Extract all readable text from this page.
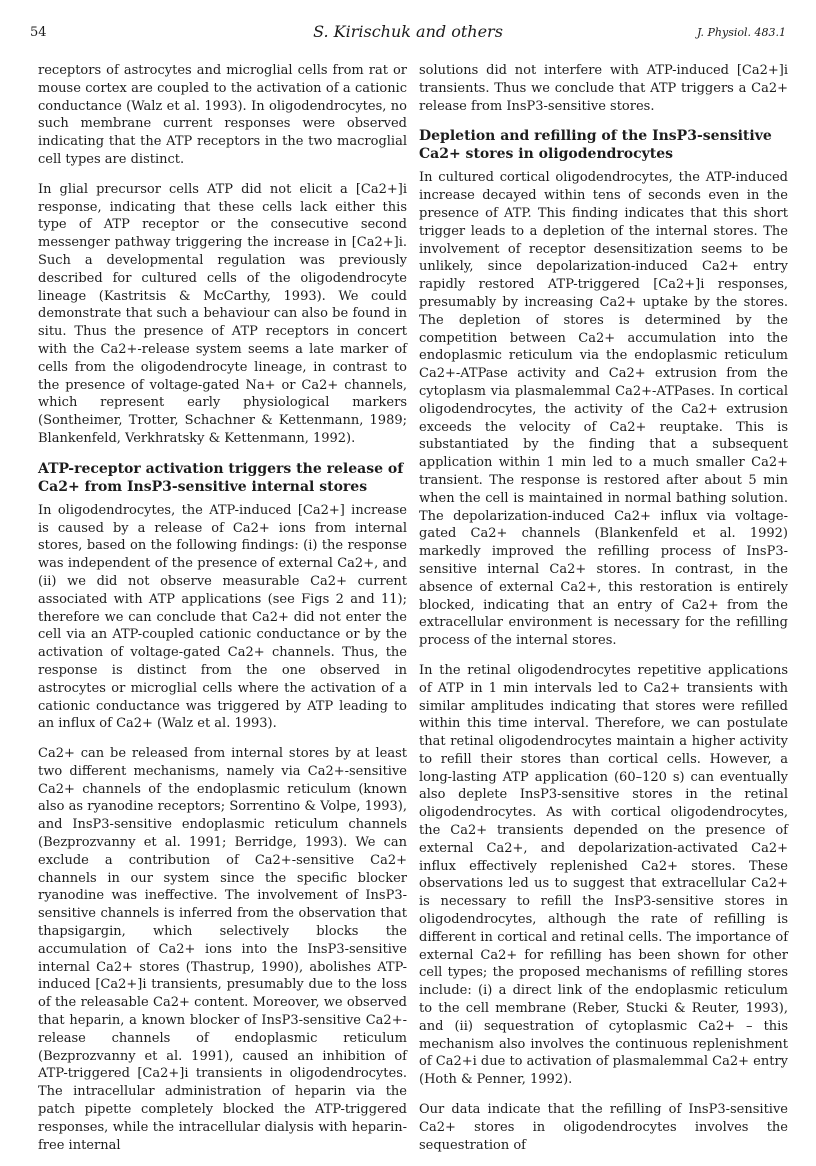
54	S. Kirischuk and others	J. Physiol. 483.1

receptors of astrocytes and microglial cells from rat or mouse cortex are coupled to the activation of a cationic conductance (Walz et al. 1993). In oligodendrocytes, no such membrane current responses were observed indicating that the ATP receptors in the two macroglial cell types are distinct.

In glial precursor cells ATP did not elicit a [Ca2+]i response, indicating that these cells lack either this type of ATP receptor or the consecutive second messenger pathway triggering the increase in [Ca2+]i. Such a developmental regulation was previously described for cultured cells of the oligodendrocyte lineage (Kastritsis & McCarthy, 1993). We could demonstrate that such a behaviour can also be found in situ. Thus the presence of ATP receptors in concert with the Ca2+-release system seems a late marker of cells from the oligodendrocyte lineage, in contrast to the presence of voltage-gated Na+ or Ca2+ channels, which represent early physiological markers (Sontheimer, Trotter, Schachner & Kettenmann, 1989; Blankenfeld, Verkhratsky & Kettenmann, 1992).

ATP-receptor activation triggers the release of Ca2+ from InsP3-sensitive internal stores

In oligodendrocytes, the ATP-induced [Ca2+] increase is caused by a release of Ca2+ ions from internal stores, based on the following findings: (i) the response was independent of the presence of external Ca2+, and (ii) we did not observe measurable Ca2+ current associated with ATP applications (see Figs 2 and 11); therefore we can conclude that Ca2+ did not enter the cell via an ATP-coupled cationic conductance or by the activation of voltage-gated Ca2+ channels. Thus, the response is distinct from the one observed in astrocytes or microglial cells where the activation of a cationic conductance was triggered by ATP leading to an influx of Ca2+ (Walz et al. 1993).

Ca2+ can be released from internal stores by at least two different mechanisms, namely via Ca2+-sensitive Ca2+ channels of the endoplasmic reticulum (known also as ryanodine receptors; Sorrentino & Volpe, 1993), and InsP3-sensitive endoplasmic reticulum channels (Bezprozvanny et al. 1991; Berridge, 1993). We can exclude a contribution of Ca2+-sensitive Ca2+ channels in our system since the specific blocker ryanodine was ineffective. The involvement of InsP3-sensitive channels is inferred from the observation that thapsigargin, which selectively blocks the accumulation of Ca2+ ions into the InsP3-sensitive internal Ca2+ stores (Thastrup, 1990), abolishes ATP-induced [Ca2+]i transients, presumably due to the loss of the releasable Ca2+ content. Moreover, we observed that heparin, a known blocker of InsP3-sensitive Ca2+-release channels of endoplasmic reticulum (Bezprozvanny et al. 1991), caused an inhibition of ATP-triggered [Ca2+]i transients in oligodendrocytes. The intracellular administration of heparin via the patch pipette completely blocked the ATP-triggered responses, while the intracellular dialysis with heparin-free internal

solutions did not interfere with ATP-induced [Ca2+]i transients. Thus we conclude that ATP triggers a Ca2+ release from InsP3-sensitive stores.

Depletion and refilling of the InsP3-sensitive Ca2+ stores in oligodendrocytes

In cultured cortical oligodendrocytes, the ATP-induced increase decayed within tens of seconds even in the presence of ATP. This finding indicates that this short trigger leads to a depletion of the internal stores. The involvement of receptor desensitization seems to be unlikely, since depolarization-induced Ca2+ entry rapidly restored ATP-triggered [Ca2+]i responses, presumably by increasing Ca2+ uptake by the stores. The depletion of stores is determined by the competition between Ca2+ accumulation into the endoplasmic reticulum via the endoplasmic reticulum Ca2+-ATPase activity and Ca2+ extrusion from the cytoplasm via plasmalemmal Ca2+-ATPases. In cortical oligodendrocytes, the activity of the Ca2+ extrusion exceeds the velocity of Ca2+ reuptake. This is substantiated by the finding that a subsequent application within 1 min led to a much smaller Ca2+ transient. The response is restored after about 5 min when the cell is maintained in normal bathing solution. The depolarization-induced Ca2+ influx via voltage-gated Ca2+ channels (Blankenfeld et al. 1992) markedly improved the refilling process of InsP3-sensitive internal Ca2+ stores. In contrast, in the absence of external Ca2+, this restoration is entirely blocked, indicating that an entry of Ca2+ from the extracellular environment is necessary for the refilling process of the internal stores.

In the retinal oligodendrocytes repetitive applications of ATP in 1 min intervals led to Ca2+ transients with similar amplitudes indicating that stores were refilled within this time interval. Therefore, we can postulate that retinal oligodendrocytes maintain a higher activity to refill their stores than cortical cells. However, a long-lasting ATP application (60–120 s) can eventually also deplete InsP3-sensitive stores in the retinal oligodendrocytes. As with cortical oligodendrocytes, the Ca2+ transients depended on the presence of external Ca2+, and depolarization-activated Ca2+ influx effectively replenished Ca2+ stores. These observations led us to suggest that extracellular Ca2+ is necessary to refill the InsP3-sensitive stores in oligodendrocytes, although the rate of refilling is different in cortical and retinal cells. The importance of external Ca2+ for refilling has been shown for other cell types; the proposed mechanisms of refilling stores include: (i) a direct link of the endoplasmic reticulum to the cell membrane (Reber, Stucki & Reuter, 1993), and (ii) sequestration of cytoplasmic Ca2+ – this mechanism also involves the continuous replenishment of Ca2+i due to activation of plasmalemmal Ca2+ entry (Hoth & Penner, 1992).

Our data indicate that the refilling of InsP3-sensitive Ca2+ stores in oligodendrocytes involves the sequestration of
